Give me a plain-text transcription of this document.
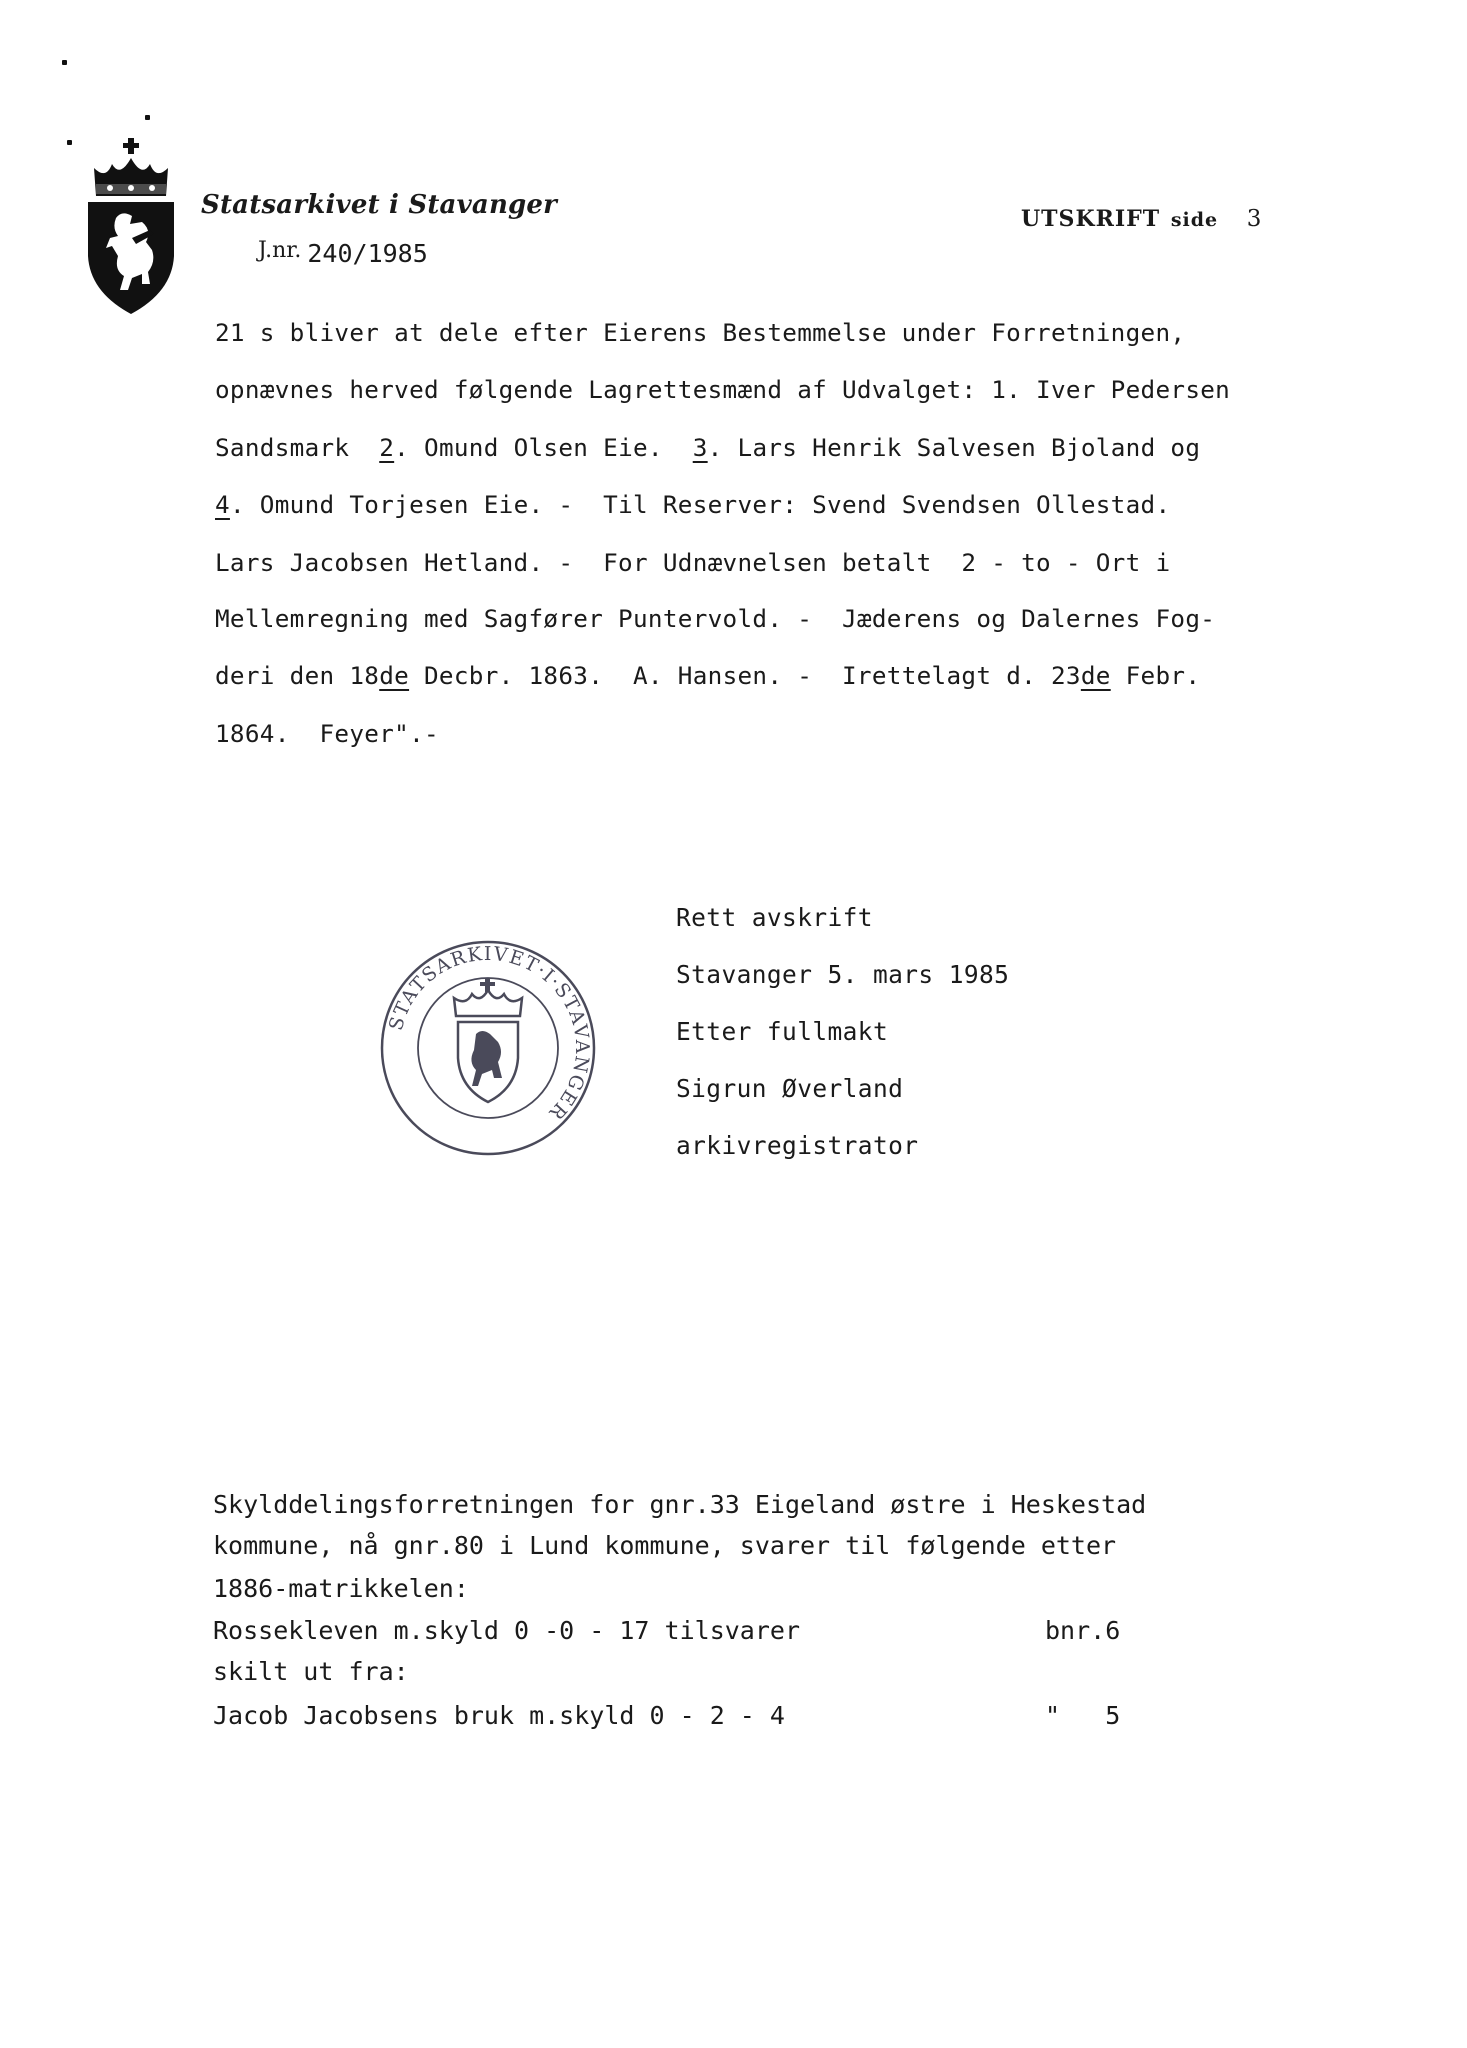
Statsarkivet i Stavanger
J.nr. 240/1985
UTSKRIFT side 3
21 s bliver at dele efter Eierens Bestemmelse under Forretningen,
opnævnes herved følgende Lagrettesmænd af Udvalget: 1. Iver Pedersen
Sandsmark  2. Omund Olsen Eie.  3. Lars Henrik Salvesen Bjoland og
4. Omund Torjesen Eie. -  Til Reserver: Svend Svendsen Ollestad.
Lars Jacobsen Hetland. -  For Udnævnelsen betalt  2 - to - Ort i
Mellemregning med Sagfører Puntervold. -  Jæderens og Dalernes Fog-
deri den 18de Decbr. 1863.  A. Hansen. -  Irettelagt d. 23de Febr.
1864.  Feyer".-
STATSARKIVET·I·STAVANGER
Rett avskrift
Stavanger 5. mars 1985
Etter fullmakt
Sigrun Øverland
arkivregistrator
Skylddelingsforretningen for gnr.33 Eigeland østre i Heskestad
kommune, nå gnr.80 i Lund kommune, svarer til følgende etter
1886-matrikkelen:
Rossekleven m.skyld 0 -0 - 17 tilsvarer	bnr.6
skilt ut fra:
Jacob Jacobsens bruk m.skyld 0 - 2 - 4	"   5
